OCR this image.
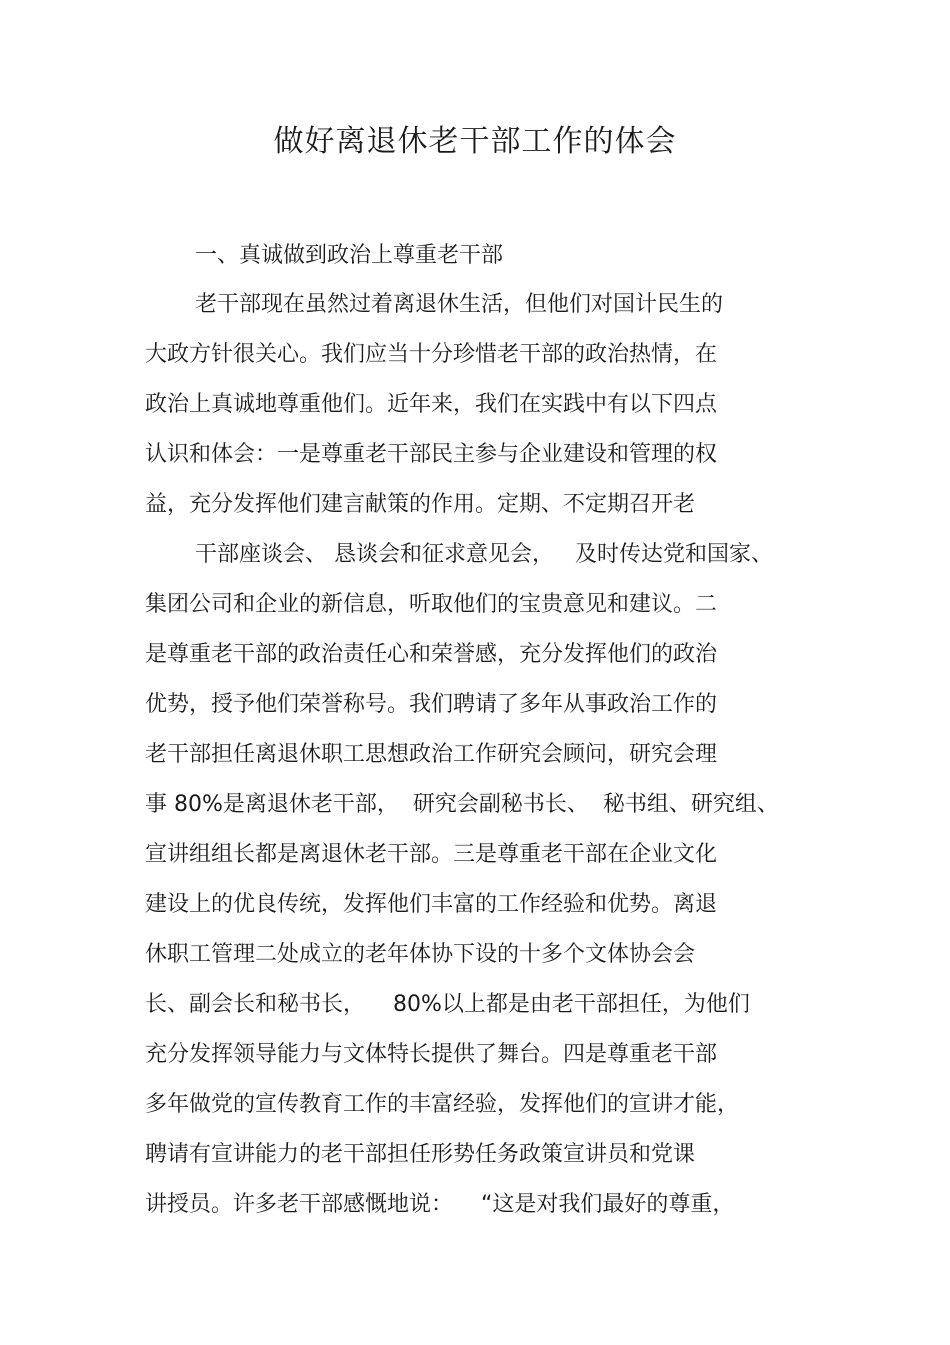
做好离退休老干部工作的体会
一、真诚做到政治上尊重老干部
老干部现在虽然过着离退休生活，但他们对国计民生的
大政方针很关心。我们应当十分珍惜老干部的政治热情，在
政治上真诚地尊重他们。近年来，我们在实践中有以下四点
认识和体会：一是尊重老干部民主参与企业建设和管理的权
益，充分发挥他们建言献策的作用。定期、不定期召开老
干部座谈会、 恳谈会和征求意见会，   及时传达党和国家、
集团公司和企业的新信息，听取他们的宝贵意见和建议。二
是尊重老干部的政治责任心和荣誉感，充分发挥他们的政治
优势，授予他们荣誉称号。我们聘请了多年从事政治工作的
老干部担任离退休职工思想政治工作研究会顾问，研究会理
事 80%是离退休老干部，  研究会副秘书长、  秘书组、研究组、
宣讲组组长都是离退休老干部。三是尊重老干部在企业文化
建设上的优良传统，发挥他们丰富的工作经验和优势。离退
休职工管理二处成立的老年体协下设的十多个文体协会会
长、副会长和秘书长，    80%以上都是由老干部担任，为他们
充分发挥领导能力与文体特长提供了舞台。四是尊重老干部
多年做党的宣传教育工作的丰富经验，发挥他们的宣讲才能，
聘请有宣讲能力的老干部担任形势任务政策宣讲员和党课
讲授员。许多老干部感慨地说：    “这是对我们最好的尊重，
